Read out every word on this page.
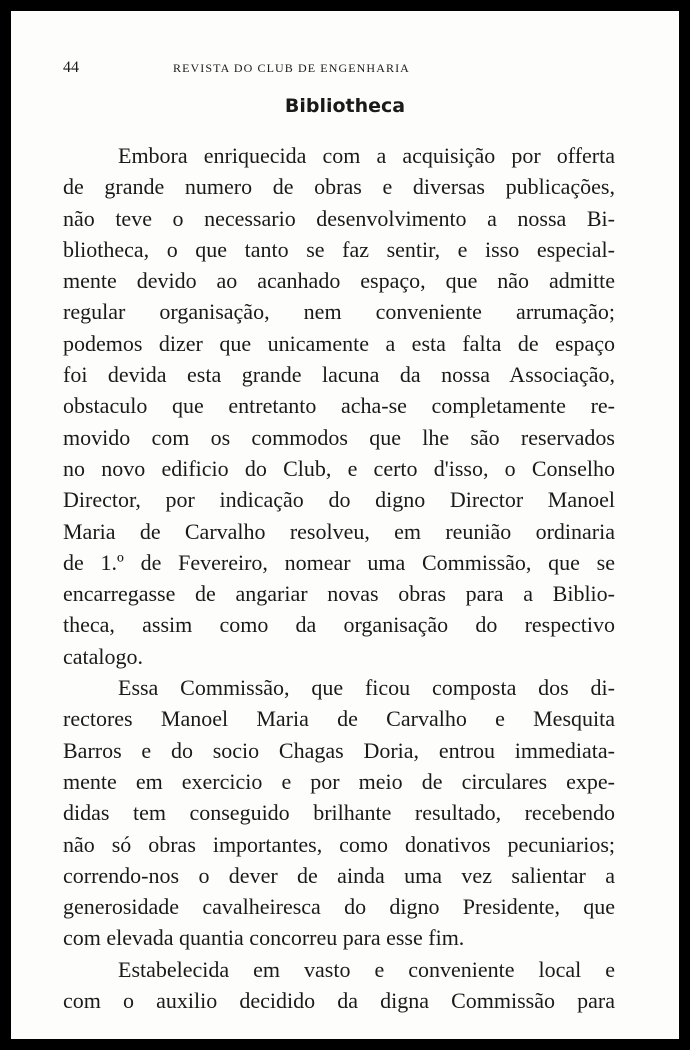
44	REVISTA DO CLUB DE ENGENHARIA
Bibliotheca
Embora enriquecida com a acquisição por offerta
de grande numero de obras e diversas publicações,
não teve o necessario desenvolvimento a nossa Bi-
bliotheca, o que tanto se faz sentir, e isso especial-
mente devido ao acanhado espaço, que não admitte
regular organisação, nem conveniente arrumação;
podemos dizer que unicamente a esta falta de espaço
foi devida esta grande lacuna da nossa Associação,
obstaculo que entretanto acha-se completamente re-
movido com os commodos que lhe são reservados
no novo edificio do Club, e certo d'isso, o Conselho
Director, por indicação do digno Director Manoel
Maria de Carvalho resolveu, em reunião ordinaria
de 1.º de Fevereiro, nomear uma Commissão, que se
encarregasse de angariar novas obras para a Biblio-
theca, assim como da organisação do respectivo
catalogo.
Essa Commissão, que ficou composta dos di-
rectores Manoel Maria de Carvalho e Mesquita
Barros e do socio Chagas Doria, entrou immediata-
mente em exercicio e por meio de circulares expe-
didas tem conseguido brilhante resultado, recebendo
não só obras importantes, como donativos pecuniarios;
correndo-nos o dever de ainda uma vez salientar a
generosidade cavalheiresca do digno Presidente, que
com elevada quantia concorreu para esse fim.
Estabelecida em vasto e conveniente local e
com o auxilio decidido da digna Commissão para
